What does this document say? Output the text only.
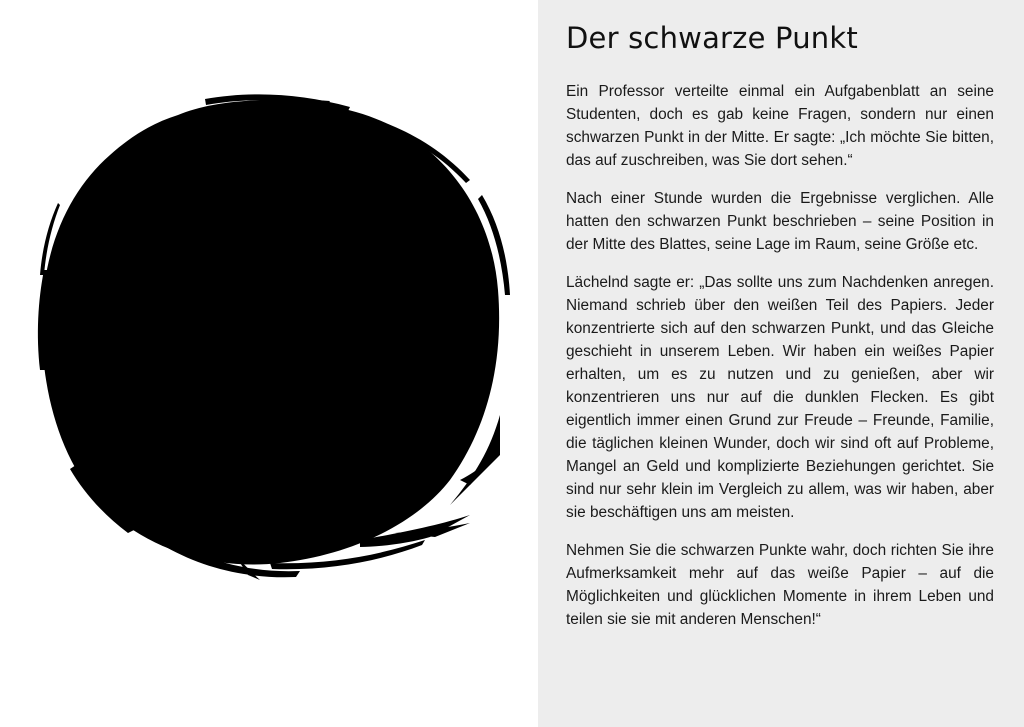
Der schwarze Punkt

Ein Professor verteilte einmal ein Aufgabenblatt an seine Studenten, doch es gab keine Fragen, sondern nur einen schwarzen Punkt in der Mitte. Er sagte: „Ich möchte Sie bitten, das auf zuschreiben, was Sie dort sehen.“

Nach einer Stunde wurden die Ergebnisse verglichen. Alle hatten den schwarzen Punkt beschrieben – seine Position in der Mitte des Blattes, seine Lage im Raum, seine Größe etc.

Lächelnd sagte er: „Das sollte uns zum Nachdenken anregen. Niemand schrieb über den weißen Teil des Papiers. Jeder konzentrierte sich auf den schwarzen Punkt, und das Gleiche geschieht in unserem Leben. Wir haben ein weißes Papier erhalten, um es zu nutzen und zu genießen, aber wir konzentrieren uns nur auf die dunklen Flecken. Es gibt eigentlich immer einen Grund zur Freude – Freunde, Familie, die täglichen kleinen Wunder, doch wir sind oft auf Probleme, Mangel an Geld und komplizierte Beziehungen gerichtet. Sie sind nur sehr klein im Vergleich zu allem, was wir haben, aber sie beschäftigen uns am meisten.

Nehmen Sie die schwarzen Punkte wahr, doch richten Sie ihre Aufmerksamkeit mehr auf das weiße Papier – auf die Möglichkeiten und glücklichen Momente in ihrem Leben und teilen sie sie mit anderen Menschen!“
